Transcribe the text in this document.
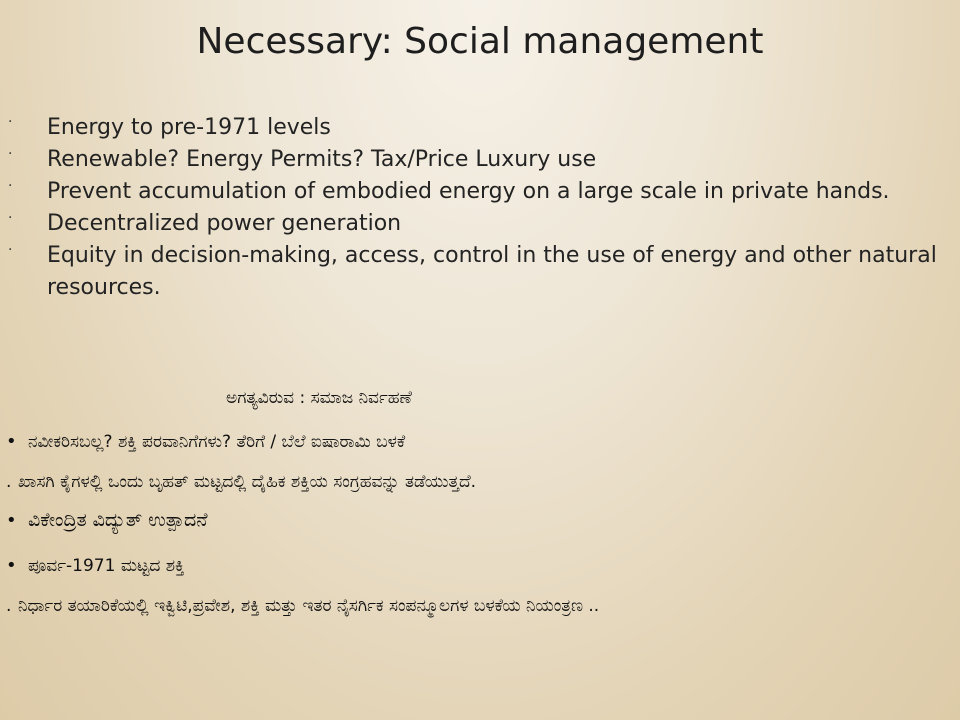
Necessary: Social management
· Energy to pre-1971 levels
· Renewable? Energy Permits? Tax/Price Luxury use
· Prevent accumulation of embodied energy on a large scale in private hands.
· Decentralized power generation
· Equity in decision-making, access, control in the use of energy and other natural resources.
ಅಗತ್ಯವಿರುವ : ಸಮಾಜ ನಿರ್ವಹಣೆ
• ನವೀಕರಿಸಬಲ್ಲ? ಶಕ್ತಿ ಪರವಾನಿಗೆಗಳು? ತೆರಿಗೆ / ಬೆಲೆ ಐಷಾರಾಮಿ ಬಳಕೆ
. ಖಾಸಗಿ ಕೈಗಳಲ್ಲಿ ಒಂದು ಬೃಹತ್ ಮಟ್ಟದಲ್ಲಿ ದೈಹಿಕ ಶಕ್ತಿಯ ಸಂಗ್ರಹವನ್ನು ತಡೆಯುತ್ತದೆ.
• ವಿಕೇಂದ್ರಿತ ವಿದ್ಯುತ್ ಉತ್ಪಾದನೆ
• ಪೂರ್ವ-1971 ಮಟ್ಟದ ಶಕ್ತಿ
. ನಿರ್ಧಾರ ತಯಾರಿಕೆಯಲ್ಲಿ ಇಕ್ವಿಟಿ,ಪ್ರವೇಶ, ಶಕ್ತಿ ಮತ್ತು ಇತರ ನೈಸರ್ಗಿಕ ಸಂಪನ್ಮೂಲಗಳ ಬಳಕೆಯ ನಿಯಂತ್ರಣ ..
